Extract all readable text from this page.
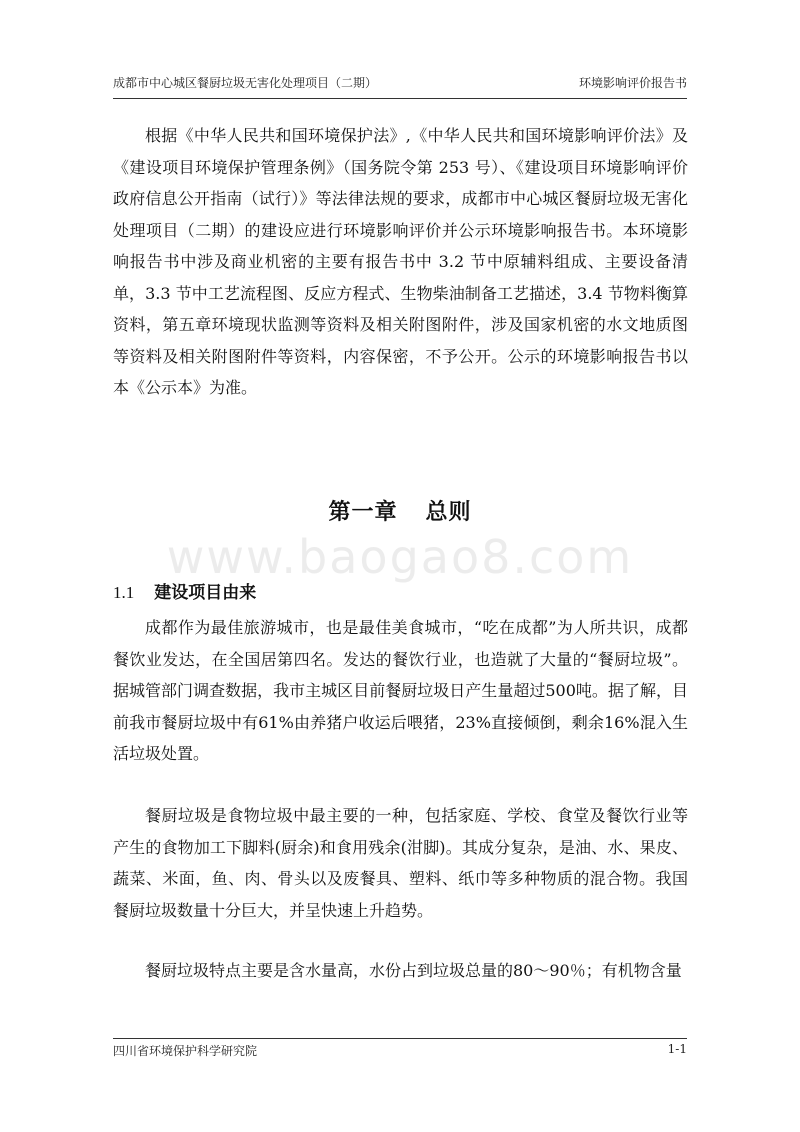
成都市中心城区餐厨垃圾无害化处理项目（二期）	环境影响评价报告书

根据《中华人民共和国环境保护法》,《中华人民共和国环境影响评价法》及《建设项目环境保护管理条例》（国务院令第 253 号）、《建设项目环境影响评价政府信息公开指南（试行）》等法律法规的要求，成都市中心城区餐厨垃圾无害化处理项目（二期）的建设应进行环境影响评价并公示环境影响报告书。本环境影响报告书中涉及商业机密的主要有报告书中 3.2 节中原辅料组成、主要设备清单，3.3 节中工艺流程图、反应方程式、生物柴油制备工艺描述，3.4 节物料衡算资料，第五章环境现状监测等资料及相关附图附件，涉及国家机密的水文地质图等资料及相关附图附件等资料，内容保密，不予公开。公示的环境影响报告书以本《公示本》为准。

第一章 总则
www.baogao8.com
1.1 建设项目由来

成都作为最佳旅游城市，也是最佳美食城市，“吃在成都”为人所共识，成都餐饮业发达，在全国居第四名。发达的餐饮行业，也造就了大量的“餐厨垃圾”。据城管部门调查数据，我市主城区目前餐厨垃圾日产生量超过500吨。据了解，目前我市餐厨垃圾中有61%由养猪户收运后喂猪，23%直接倾倒，剩余16%混入生活垃圾处置。

餐厨垃圾是食物垃圾中最主要的一种，包括家庭、学校、食堂及餐饮行业等产生的食物加工下脚料(厨余)和食用残余(泔脚)。其成分复杂，是油、水、果皮、蔬菜、米面，鱼、肉、骨头以及废餐具、塑料、纸巾等多种物质的混合物。我国餐厨垃圾数量十分巨大，并呈快速上升趋势。

餐厨垃圾特点主要是含水量高，水份占到垃圾总量的80～90％；有机物含量

四川省环境保护科学研究院	1-1
